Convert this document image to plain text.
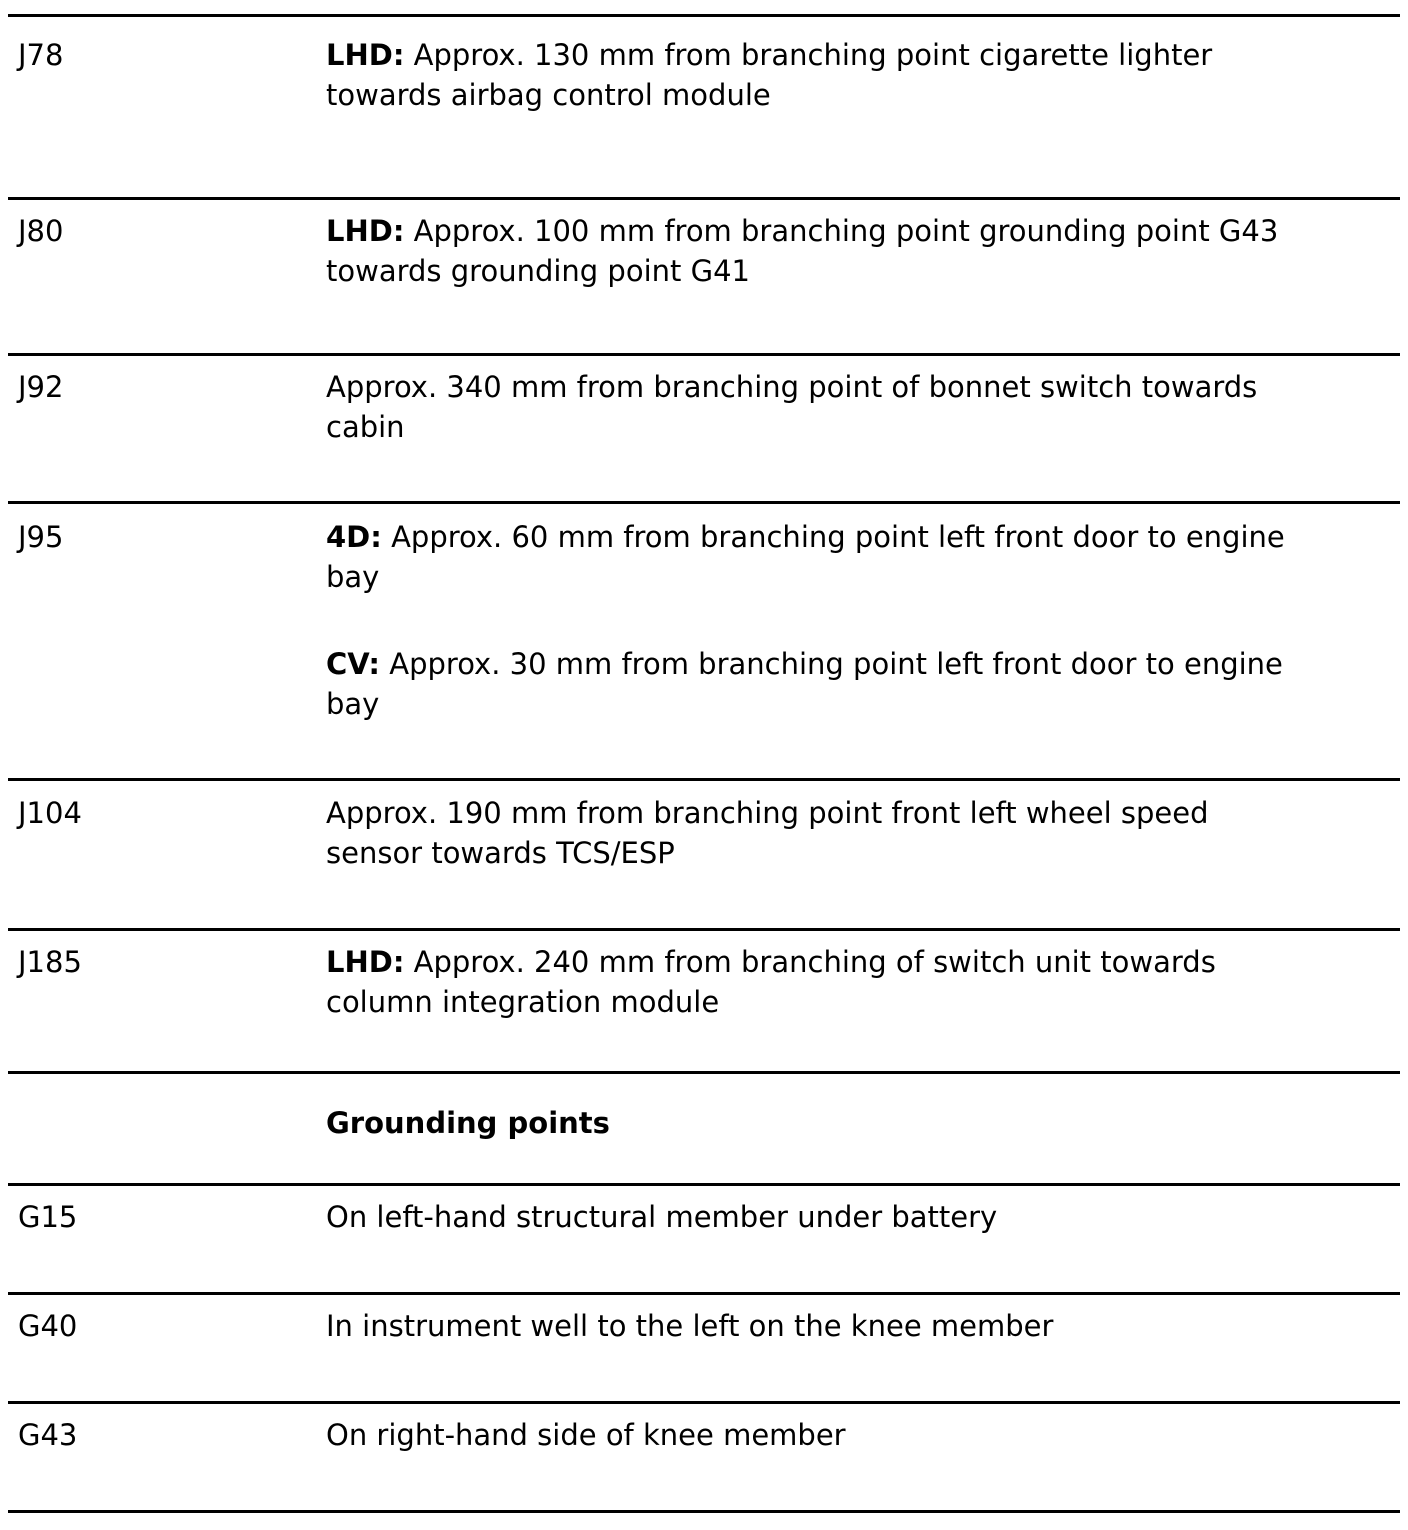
J78	LHD: Approx. 130 mm from branching point cigarette lighter towards airbag control module

J80	LHD: Approx. 100 mm from branching point grounding point G43 towards grounding point G41

J92	Approx. 340 mm from branching point of bonnet switch towards cabin

J95	4D: Approx. 60 mm from branching point left front door to engine bay

CV: Approx. 30 mm from branching point left front door to engine bay

J104	Approx. 190 mm from branching point front left wheel speed sensor towards TCS/ESP

J185	LHD: Approx. 240 mm from branching of switch unit towards column integration module

Grounding points
G15	On left-hand structural member under battery
G40	In instrument well to the left on the knee member
G43	On right-hand side of knee member
